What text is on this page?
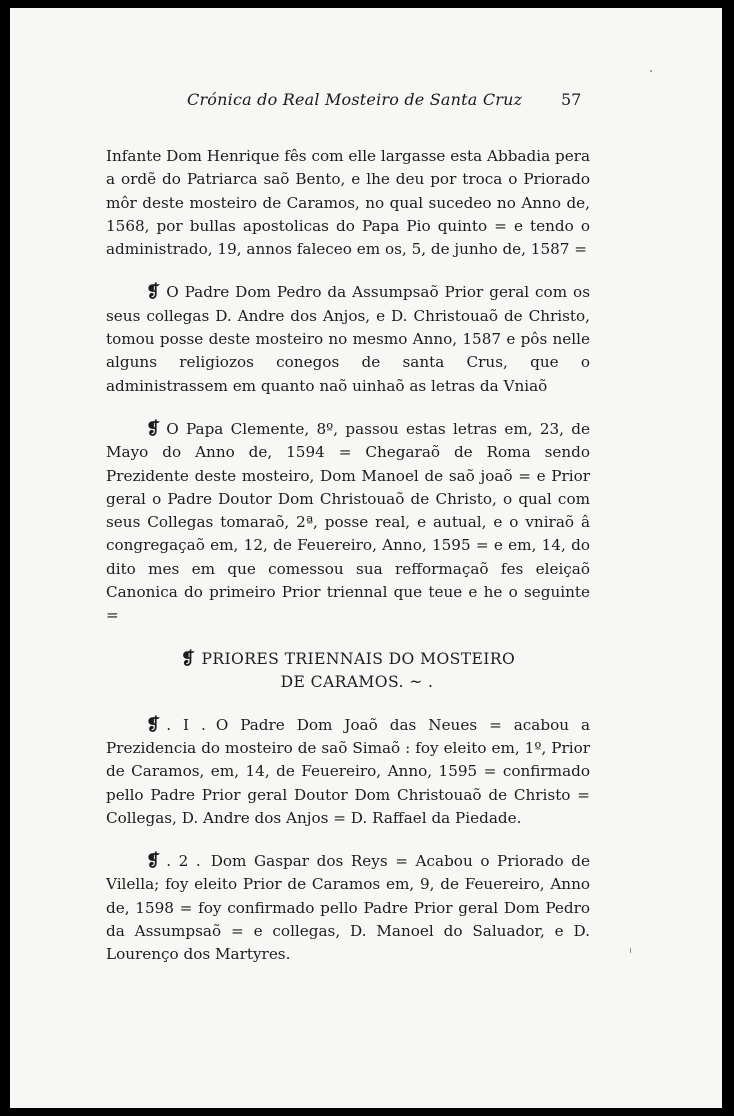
Crónica do Real Mosteiro de Santa Cruz 57

Infante Dom Henrique fês com elle largasse esta Abbadia pera a ordẽ do Patriarca saõ Bento, e lhe deu por troca o Priorado môr deste mosteiro de Caramos, no qual sucedeo no Anno de, 1568, por bullas apostolicas do Papa Pio quinto = e tendo o administrado, 19, annos faleceo em os, 5, de junho de, 1587 =

❡ O Padre Dom Pedro da Assumpsaõ Prior geral com os seus collegas D. Andre dos Anjos, e D. Christouaõ de Christo, tomou posse deste mosteiro no mesmo Anno, 1587 e pôs nelle alguns religiozos conegos de santa Crus, que o administrassem em quanto naõ uinhaõ as letras da Vniaõ

❡ O Papa Clemente, 8º, passou estas letras em, 23, de Mayo do Anno de, 1594 = Chegaraõ de Roma sendo Prezidente deste mosteiro, Dom Manoel de saõ joaõ = e Prior geral o Padre Doutor Dom Christouaõ de Christo, o qual com seus Collegas tomaraõ, 2ª, posse real, e autual, e o vniraõ â congregaçaõ em, 12, de Feuereiro, Anno, 1595 = e em, 14, do dito mes em que comessou sua refformaçaõ fes eleiçaõ Canonica do primeiro Prior triennal que teue e he o seguinte =

❡ PRIORES TRIENNAIS DO MOSTEIRO
DE CARAMOS. ~ .

❡ . I . O Padre Dom Joaõ das Neues = acabou a Prezidencia do mosteiro de saõ Simaõ : foy eleito em, 1º, Prior de Caramos, em, 14, de Feuereiro, Anno, 1595 = confirmado pello Padre Prior geral Doutor Dom Christouaõ de Christo = Collegas, D. Andre dos Anjos = D. Raffael da Piedade.

❡ . 2 . Dom Gaspar dos Reys = Acabou o Priorado de Vilella; foy eleito Prior de Caramos em, 9, de Feuereiro, Anno de, 1598 = foy confirmado pello Padre Prior geral Dom Pedro da Assumpsaõ = e collegas, D. Manoel do Saluador, e D. Lourenço dos Martyres.
